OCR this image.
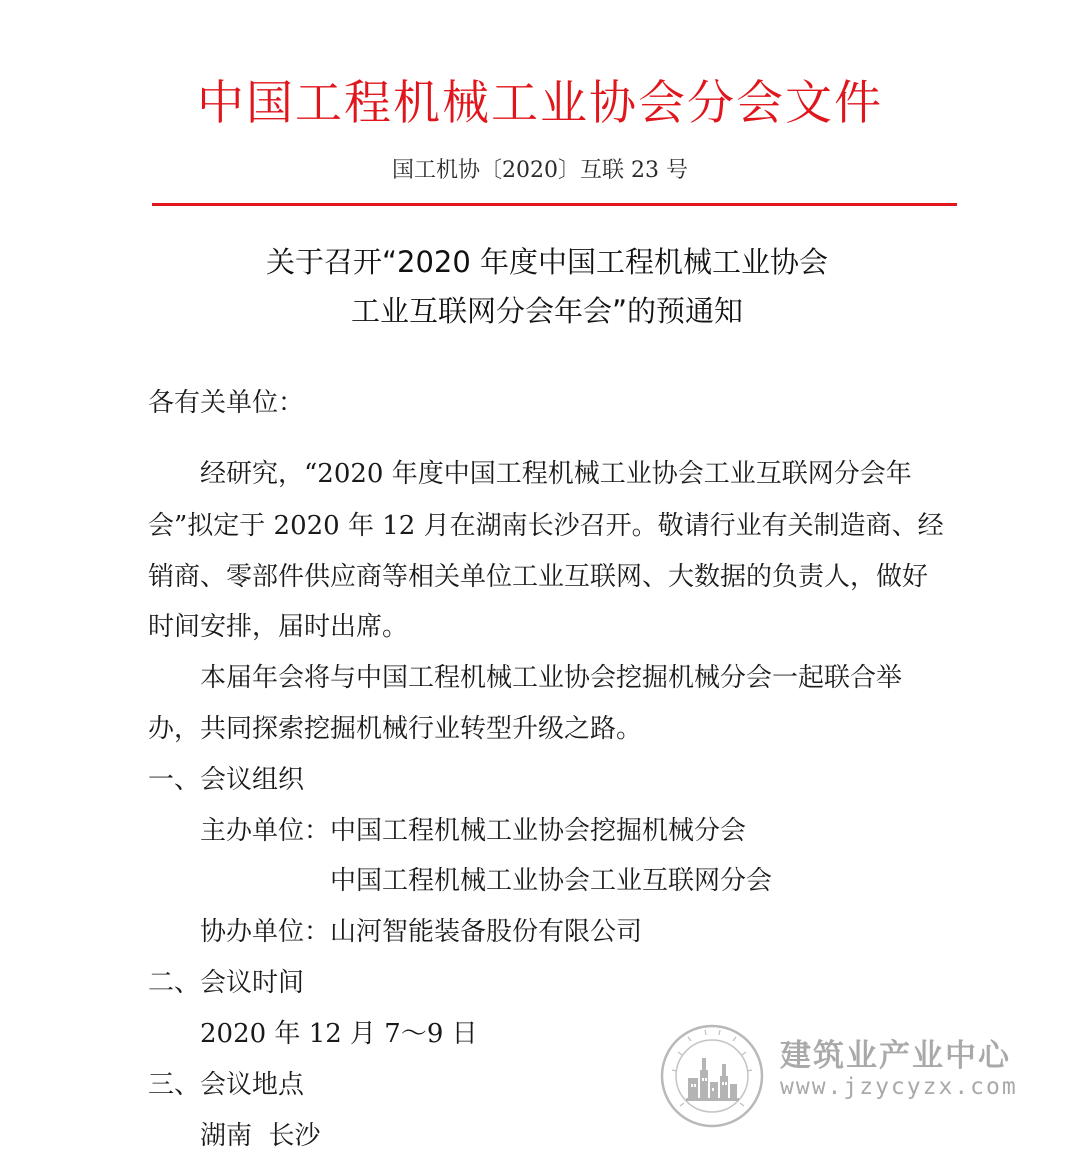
中国工程机械工业协会分会文件
国工机协〔2020〕互联 23 号
关于召开“2020 年度中国工程机械工业协会
工业互联网分会年会”的预通知
各有关单位：
经研究，“2020 年度中国工程机械工业协会工业互联网分会年
会”拟定于 2020 年 12 月在湖南长沙召开。敬请行业有关制造商、经
销商、零部件供应商等相关单位工业互联网、大数据的负责人，做好
时间安排，届时出席。
本届年会将与中国工程机械工业协会挖掘机械分会一起联合举
办，共同探索挖掘机械行业转型升级之路。
一、会议组织
主办单位： 中国工程机械工业协会挖掘机械分会
中国工程机械工业协会工业互联网分会
协办单位： 山河智能装备股份有限公司
二、会议时间
2020 年 12 月 7～9 日
三、会议地点
湖南  长沙
建筑业产业中心
www.jzycyzx.com
